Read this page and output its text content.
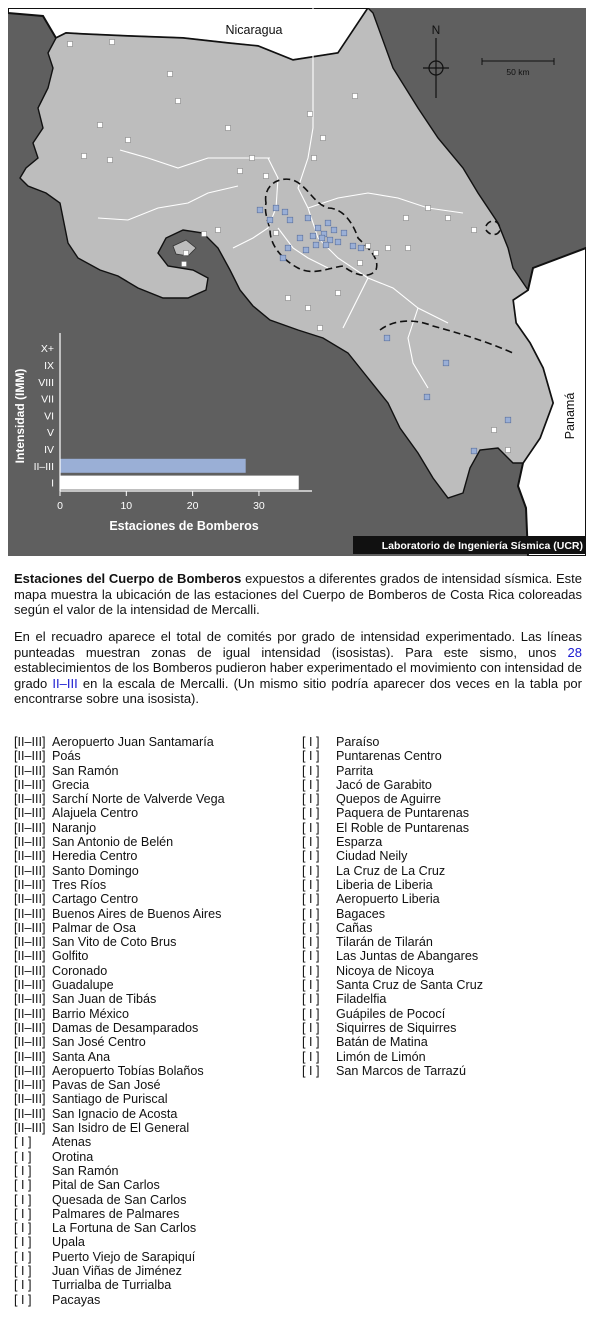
N
50 km
Nicaragua
Panamá
Intensidad (IMM)
I
II–III
IV
V
VI
VII
VIII
IX
X+
0	10	20	30
Estaciones de Bomberos
Laboratorio de Ingeniería Sísmica (UCR)
Estaciones del Cuerpo de Bomberos expuestos a diferentes grados de intensidad sísmica. Este mapa muestra la ubicación de las estaciones del Cuerpo de Bomberos de Costa Rica coloreadas según el valor de la intensidad de Mercalli.
En el recuadro aparece el total de comités por grado de intensidad experimentado. Las líneas punteadas muestran zonas de igual intensidad (isosistas). Para este sismo, unos 28 establecimientos de los Bomberos pudieron haber experimentado el movimiento con intensidad de grado II–III en la escala de Mercalli. (Un mismo sitio podría aparecer dos veces en la tabla por encontrarse sobre una isosista).
[II–III] Aeropuerto Juan Santamaría
[II–III] Poás
[II–III] San Ramón
[II–III] Grecia
[II–III] Sarchí Norte de Valverde Vega
[II–III] Alajuela Centro
[II–III] Naranjo
[II–III] San Antonio de Belén
[II–III] Heredia Centro
[II–III] Santo Domingo
[II–III] Tres Ríos
[II–III] Cartago Centro
[II–III] Buenos Aires de Buenos Aires
[II–III] Palmar de Osa
[II–III] San Vito de Coto Brus
[II–III] Golfito
[II–III] Coronado
[II–III] Guadalupe
[II–III] San Juan de Tibás
[II–III] Barrio México
[II–III] Damas de Desamparados
[II–III] San José Centro
[II–III] Santa Ana
[II–III] Aeropuerto Tobías Bolaños
[II–III] Pavas de San José
[II–III] Santiago de Puriscal
[II–III] San Ignacio de Acosta
[II–III] San Isidro de El General
[ I ] Atenas
[ I ] Orotina
[ I ] San Ramón
[ I ] Pital de San Carlos
[ I ] Quesada de San Carlos
[ I ] Palmares de Palmares
[ I ] La Fortuna de San Carlos
[ I ] Upala
[ I ] Puerto Viejo de Sarapiquí
[ I ] Juan Viñas de Jiménez
[ I ] Turrialba de Turrialba
[ I ] Pacayas
[ I ] Paraíso
[ I ] Puntarenas Centro
[ I ] Parrita
[ I ] Jacó de Garabito
[ I ] Quepos de Aguirre
[ I ] Paquera de Puntarenas
[ I ] El Roble de Puntarenas
[ I ] Esparza
[ I ] Ciudad Neily
[ I ] La Cruz de La Cruz
[ I ] Liberia de Liberia
[ I ] Aeropuerto Liberia
[ I ] Bagaces
[ I ] Cañas
[ I ] Tilarán de Tilarán
[ I ] Las Juntas de Abangares
[ I ] Nicoya de Nicoya
[ I ] Santa Cruz de Santa Cruz
[ I ] Filadelfia
[ I ] Guápiles de Pococí
[ I ] Siquirres de Siquirres
[ I ] Batán de Matina
[ I ] Limón de Limón
[ I ] San Marcos de Tarrazú
